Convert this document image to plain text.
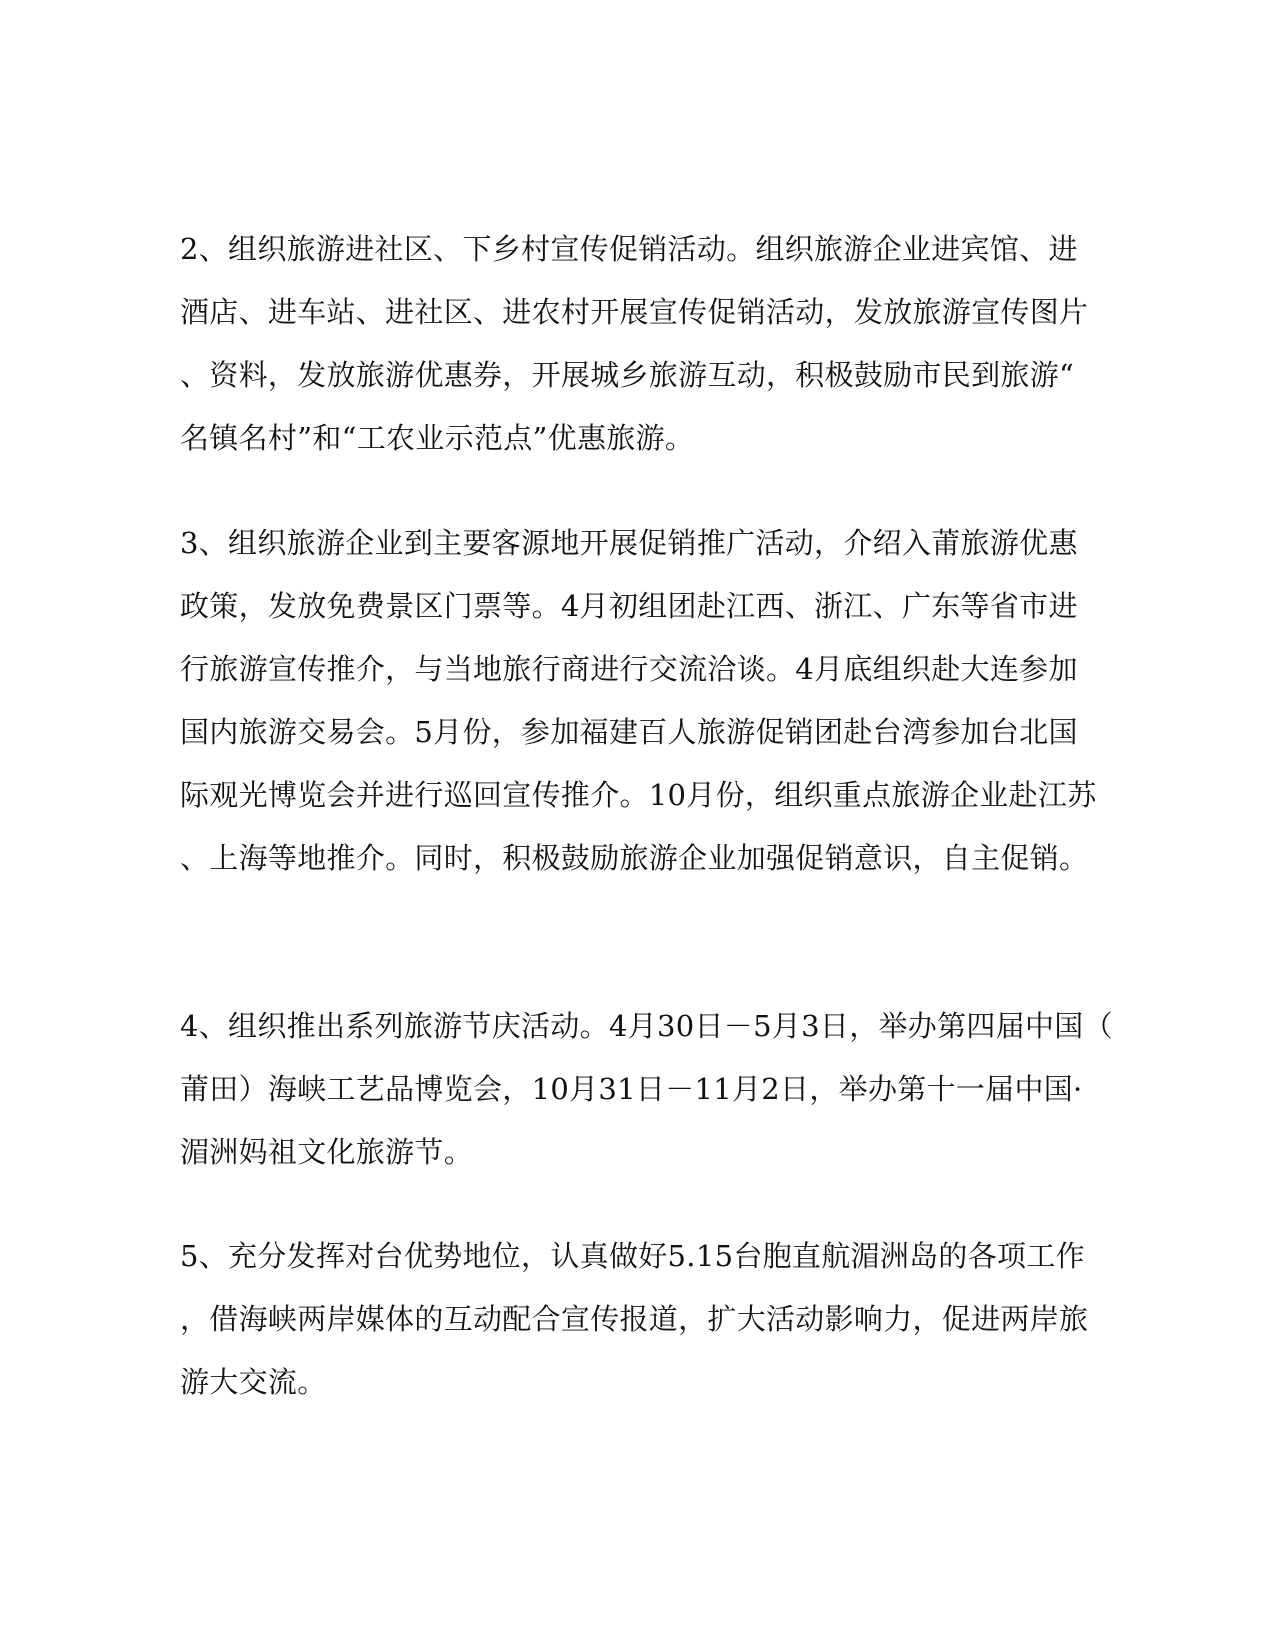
2、组织旅游进社区、下乡村宣传促销活动。组织旅游企业进宾馆、进
酒店、进车站、进社区、进农村开展宣传促销活动，发放旅游宣传图片
、资料，发放旅游优惠券，开展城乡旅游互动，积极鼓励市民到旅游“
名镇名村”和“工农业示范点”优惠旅游。
3、组织旅游企业到主要客源地开展促销推广活动，介绍入莆旅游优惠
政策，发放免费景区门票等。4月初组团赴江西、浙江、广东等省市进
行旅游宣传推介，与当地旅行商进行交流洽谈。4月底组织赴大连参加
国内旅游交易会。5月份，参加福建百人旅游促销团赴台湾参加台北国
际观光博览会并进行巡回宣传推介。10月份，组织重点旅游企业赴江苏
、上海等地推介。同时，积极鼓励旅游企业加强促销意识，自主促销。
4、组织推出系列旅游节庆活动。4月30日－5月3日，举办第四届中国（
莆田）海峡工艺品博览会，10月31日－11月2日，举办第十一届中国·
湄洲妈祖文化旅游节。
5、充分发挥对台优势地位，认真做好5.15台胞直航湄洲岛的各项工作
，借海峡两岸媒体的互动配合宣传报道，扩大活动影响力，促进两岸旅
游大交流。
